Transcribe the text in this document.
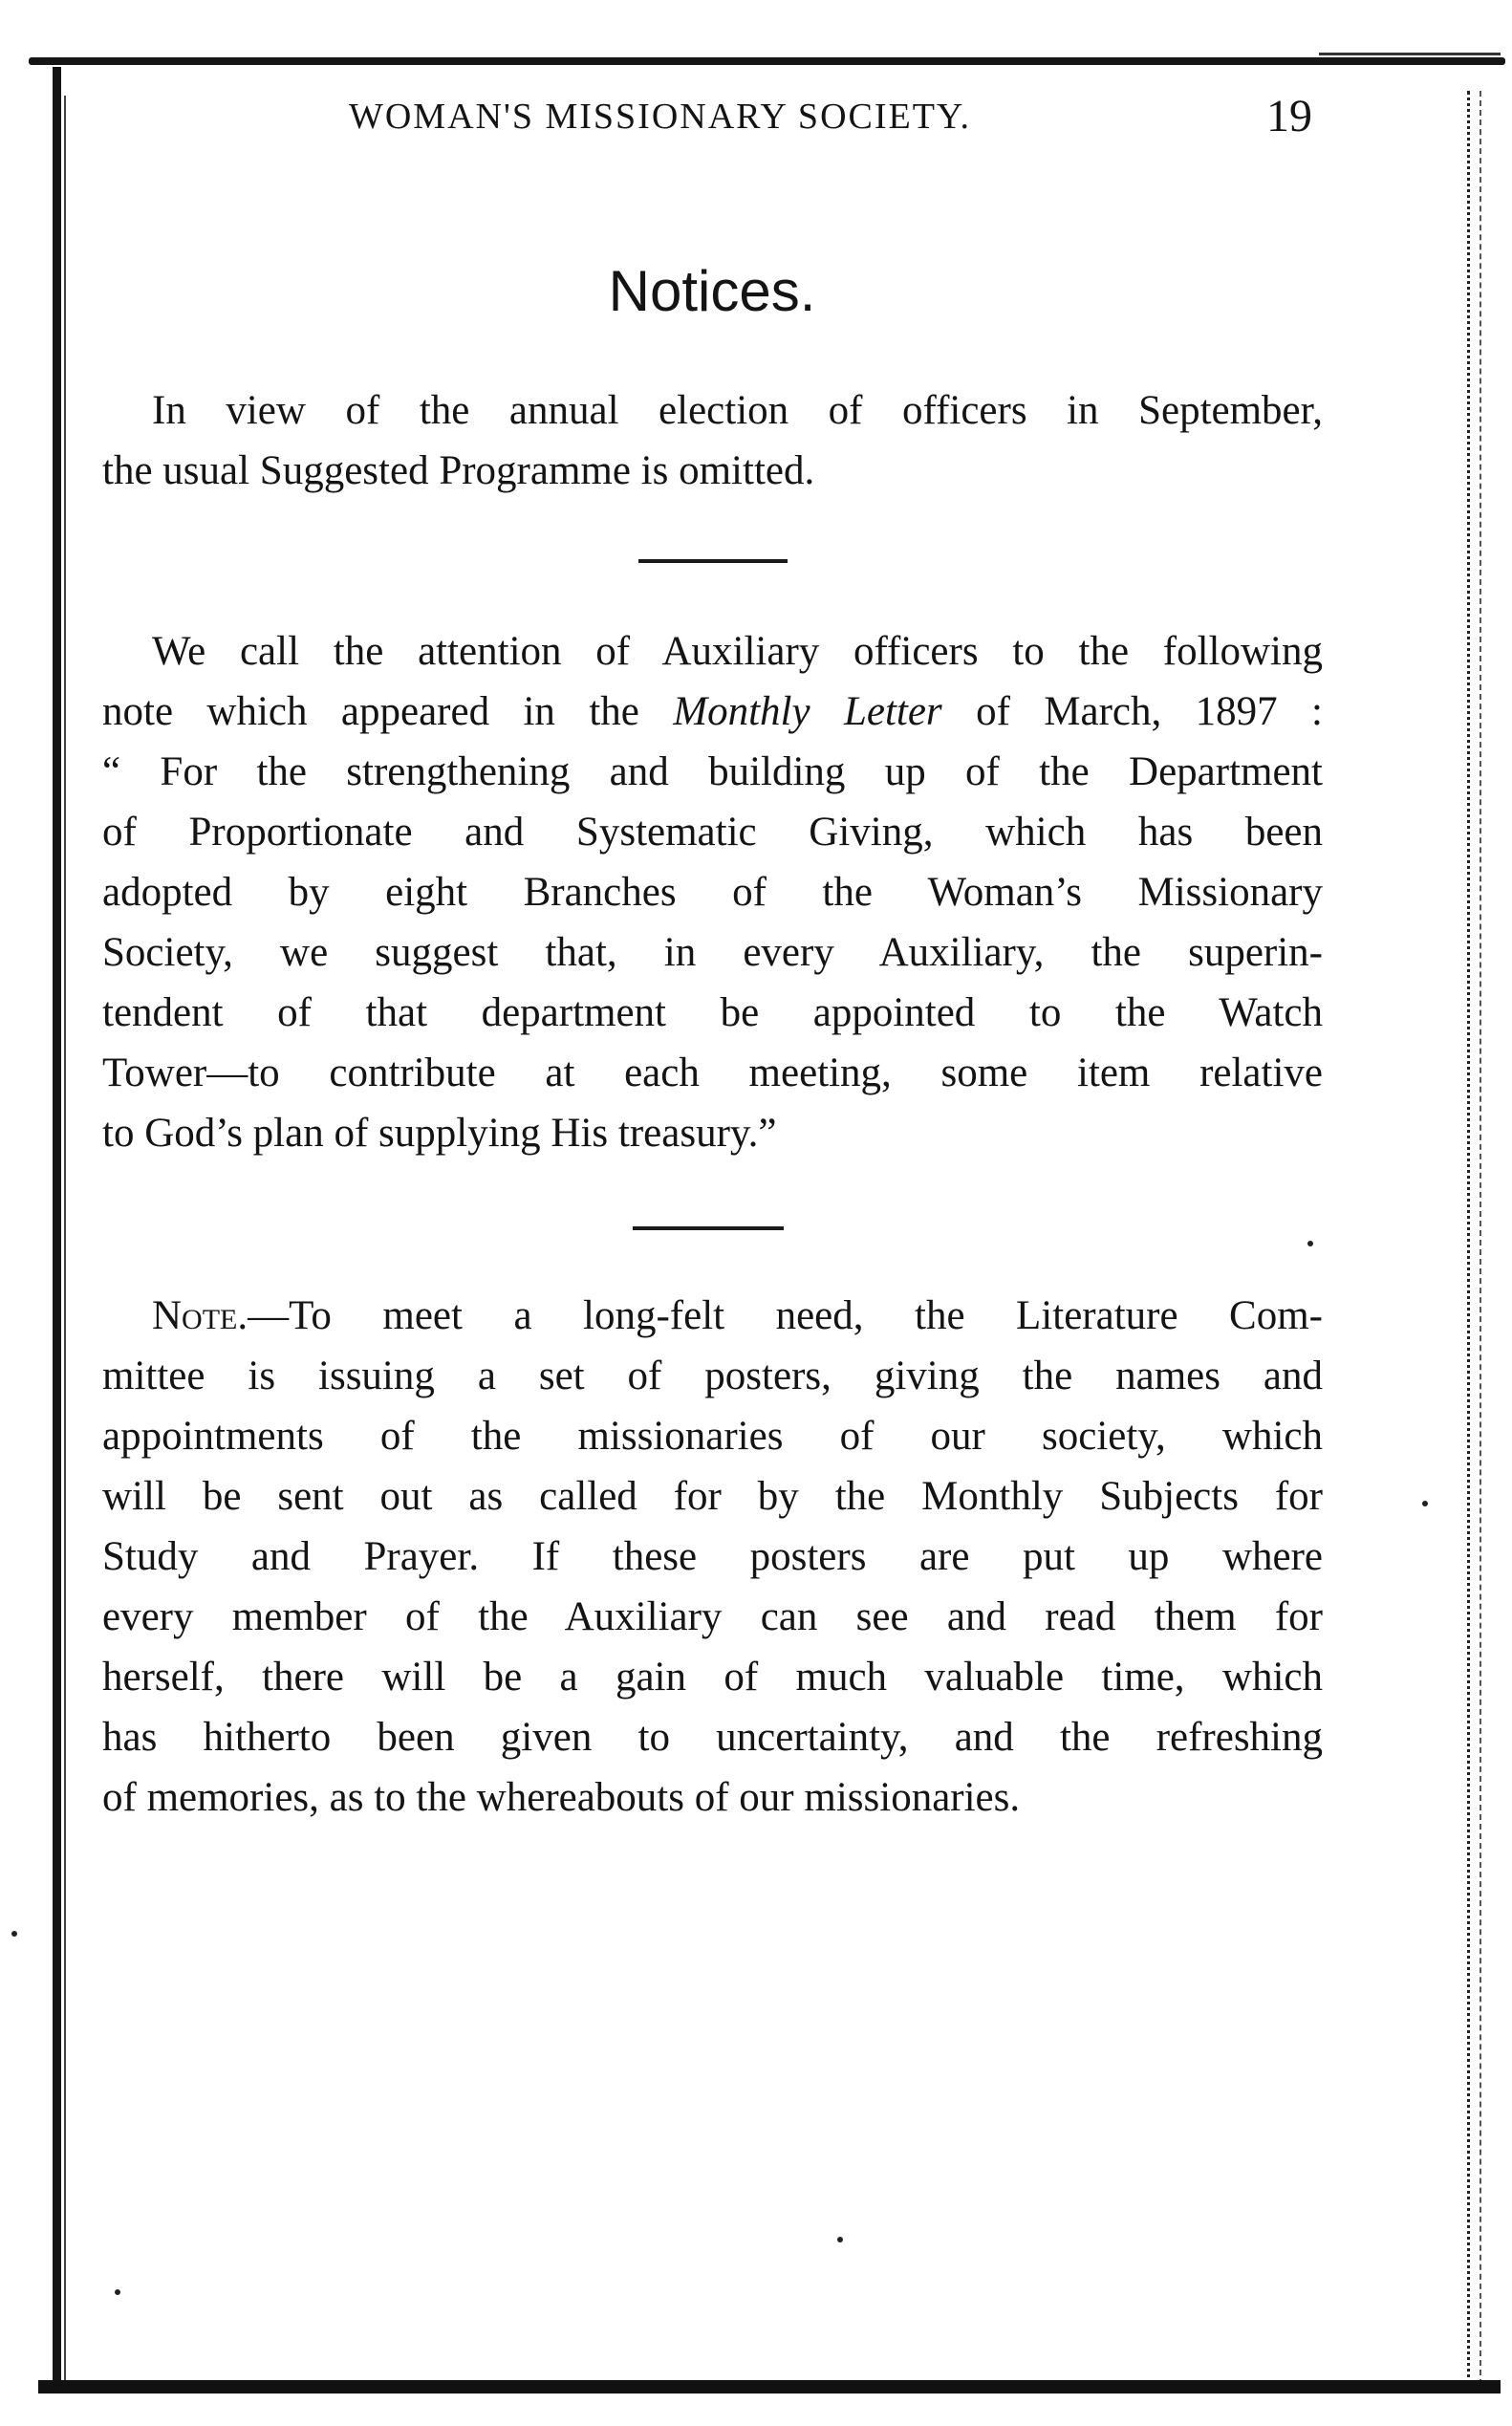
WOMAN'S MISSIONARY SOCIETY.	19
Notices.
In view of the annual election of officers in September,
the usual Suggested Programme is omitted.
We call the attention of Auxiliary officers to the following
note which appeared in the Monthly Letter of March, 1897 :
“ For the strengthening and building up of the Department
of Proportionate and Systematic Giving, which has been
adopted by eight Branches of the Woman’s Missionary
Society, we suggest that, in every Auxiliary, the superin-
tendent of that department be appointed to the Watch
Tower—to contribute at each meeting, some item relative
to God’s plan of supplying His treasury.”
Note.—To meet a long-felt need, the Literature Com-
mittee is issuing a set of posters, giving the names and
appointments of the missionaries of our society, which
will be sent out as called for by the Monthly Subjects for
Study and Prayer. If these posters are put up where
every member of the Auxiliary can see and read them for
herself, there will be a gain of much valuable time, which
has hitherto been given to uncertainty, and the refreshing
of memories, as to the whereabouts of our missionaries.
